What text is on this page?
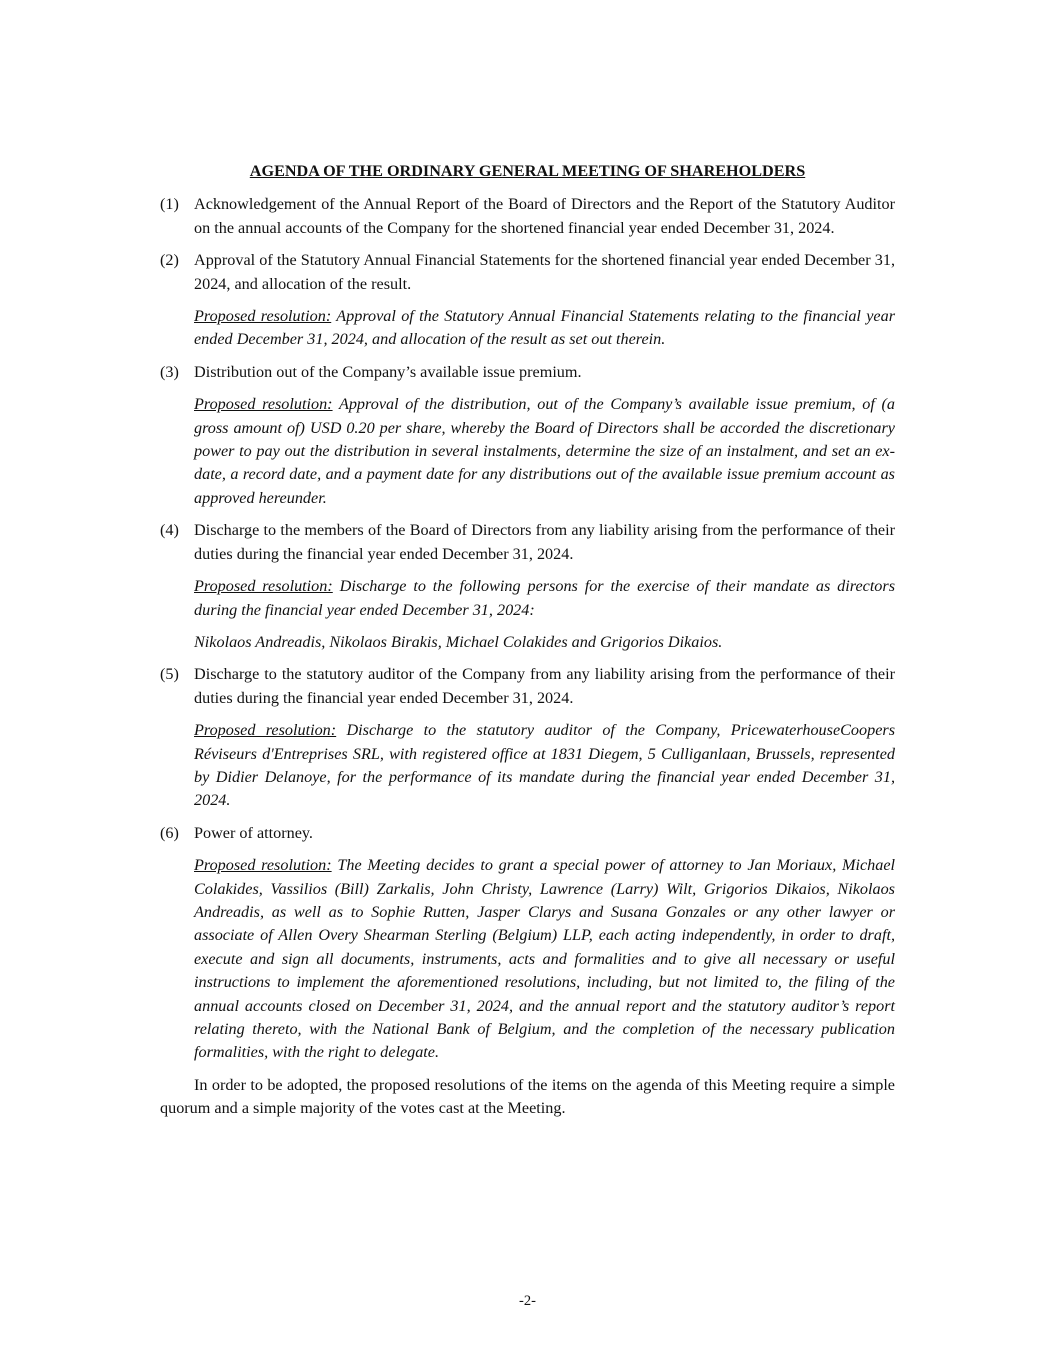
AGENDA OF THE ORDINARY GENERAL MEETING OF SHAREHOLDERS
(1) Acknowledgement of the Annual Report of the Board of Directors and the Report of the Statutory Auditor on the annual accounts of the Company for the shortened financial year ended December 31, 2024.
(2) Approval of the Statutory Annual Financial Statements for the shortened financial year ended December 31, 2024, and allocation of the result.
Proposed resolution: Approval of the Statutory Annual Financial Statements relating to the financial year ended December 31, 2024, and allocation of the result as set out therein.
(3) Distribution out of the Company’s available issue premium.
Proposed resolution: Approval of the distribution, out of the Company’s available issue premium, of (a gross amount of) USD 0.20 per share, whereby the Board of Directors shall be accorded the discretionary power to pay out the distribution in several instalments, determine the size of an instalment, and set an ex-date, a record date, and a payment date for any distributions out of the available issue premium account as approved hereunder.
(4) Discharge to the members of the Board of Directors from any liability arising from the performance of their duties during the financial year ended December 31, 2024.
Proposed resolution: Discharge to the following persons for the exercise of their mandate as directors during the financial year ended December 31, 2024:
Nikolaos Andreadis, Nikolaos Birakis, Michael Colakides and Grigorios Dikaios.
(5) Discharge to the statutory auditor of the Company from any liability arising from the performance of their duties during the financial year ended December 31, 2024.
Proposed resolution: Discharge to the statutory auditor of the Company, PricewaterhouseCoopers Réviseurs d'Entreprises SRL, with registered office at 1831 Diegem, 5 Culliganlaan, Brussels, represented by Didier Delanoye, for the performance of its mandate during the financial year ended December 31, 2024.
(6) Power of attorney.
Proposed resolution: The Meeting decides to grant a special power of attorney to Jan Moriaux, Michael Colakides, Vassilios (Bill) Zarkalis, John Christy, Lawrence (Larry) Wilt, Grigorios Dikaios, Nikolaos Andreadis, as well as to Sophie Rutten, Jasper Clarys and Susana Gonzales or any other lawyer or associate of Allen Overy Shearman Sterling (Belgium) LLP, each acting independently, in order to draft, execute and sign all documents, instruments, acts and formalities and to give all necessary or useful instructions to implement the aforementioned resolutions, including, but not limited to, the filing of the annual accounts closed on December 31, 2024, and the annual report and the statutory auditor’s report relating thereto, with the National Bank of Belgium, and the completion of the necessary publication formalities, with the right to delegate.

In order to be adopted, the proposed resolutions of the items on the agenda of this Meeting require a simple quorum and a simple majority of the votes cast at the Meeting.

-2-
